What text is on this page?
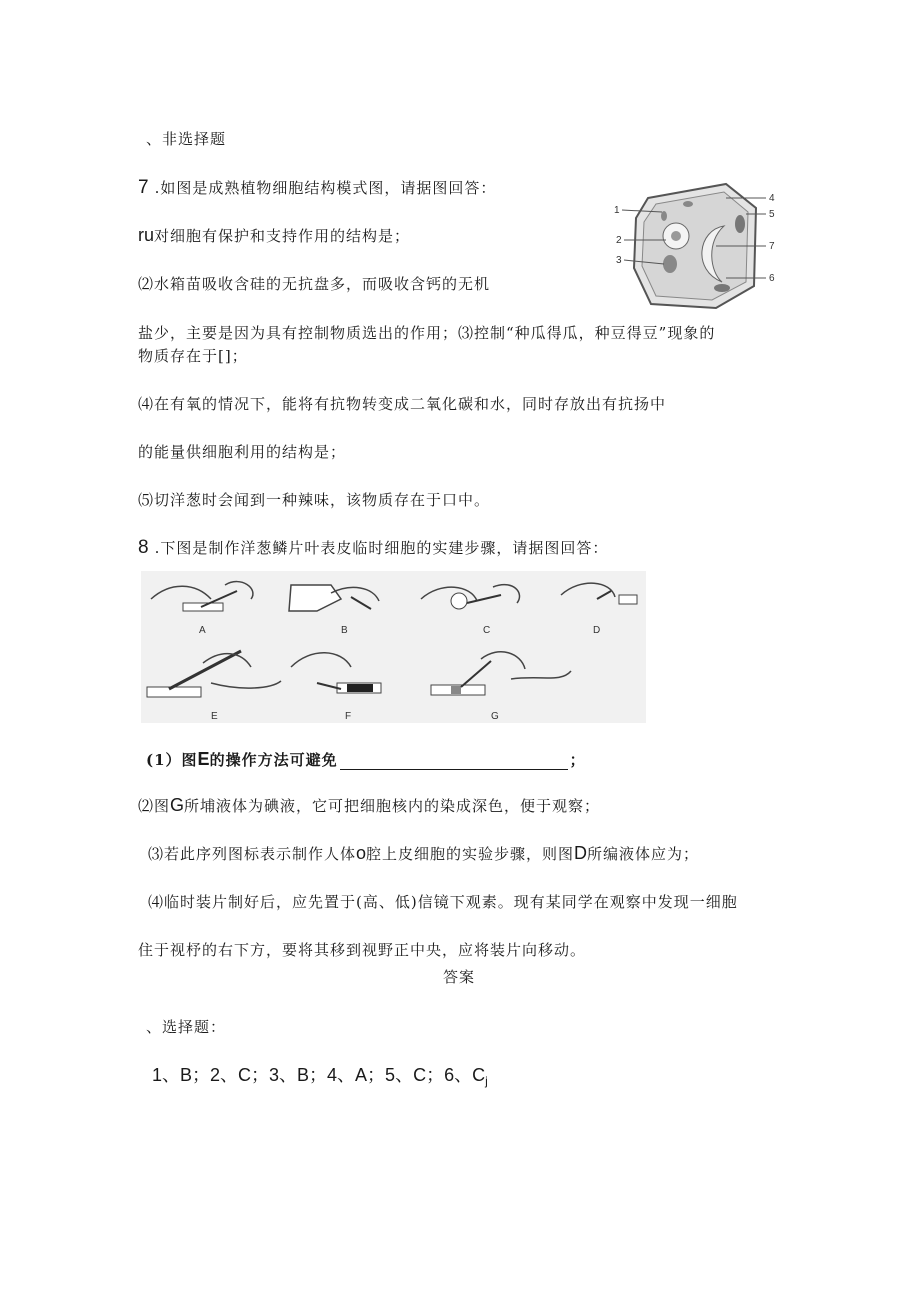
、非选择题
7 .如图是成熟植物细胞结构模式图，请据图回答：
ru对细胞有保护和支持作用的结构是；
⑵水箱苗吸收含硅的无抗盘多，而吸收含钙的无机
盐少，主要是因为具有控制物质选出的作用；⑶控制“种瓜得瓜，种豆得豆”现象的
物质存在于[]；
⑷在有氧的情况下，能将有抗物转变成二氧化碳和水，同时存放出有抗扬中
的能量供细胞利用的结构是；
⑸切洋葱时会闻到一种辣味，该物质存在于口中。
1
2
3
4
5
6
7
8 .下图是制作洋葱鳞片叶表皮临时细胞的实建步骤，请据图回答：
A	B	C	D
E	F	G
(1）图E的操作方法可避免	；
⑵图G所埔液体为碘液，它可把细胞核内的染成深色，便于观察；
⑶若此序列图标表示制作人体o腔上皮细胞的实验步骤，则图D所编液体应为；
⑷临时装片制好后，应先置于(高、低)信镜下观素。现有某同学在观察中发现一细胞
住于视杼的右下方，要将其移到视野正中央，应将装片向移动。
答案
、选择题：
1、B；2、C；3、B；4、A；5、C；6、$C_j$
